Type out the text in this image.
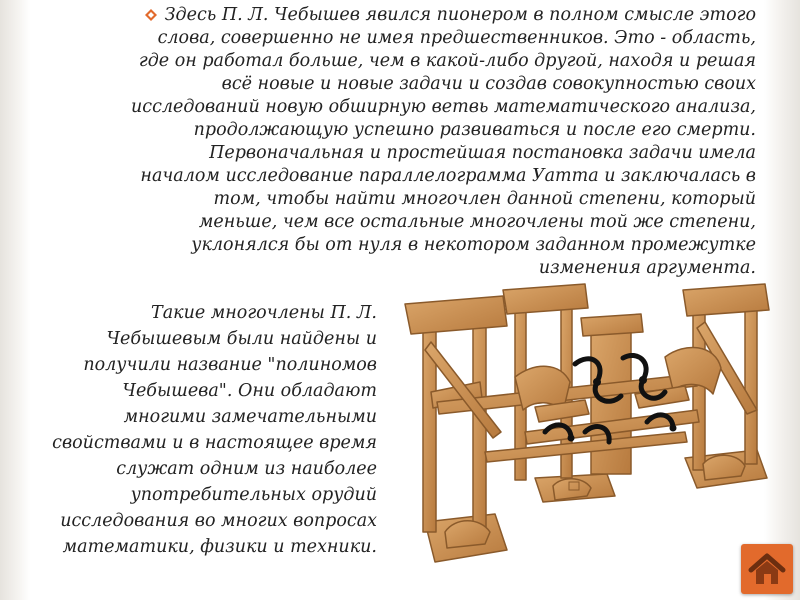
Здесь П. Л. Чебышев явился пионером в полном смысле этого

слова, совершенно не имея предшественников. Это - область,

где он работал больше, чем в какой-либо другой, находя и решая

всё новые и новые задачи и создав совокупностью своих

исследований новую обширную ветвь математического анализа,

продолжающую успешно развиваться и после его смерти.

Первоначальная и простейшая постановка задачи имела

началом исследование параллелограмма Уатта и заключалась в

том, чтобы найти многочлен данной степени, который

меньше, чем все остальные многочлены той же степени,

уклонялся бы от нуля в некотором заданном промежутке

изменения аргумента.

Такие многочлены П. Л.
Чебышевым были найдены и
получили название "полиномов
Чебышева". Они обладают
многими замечательными
свойствами и в настоящее время
служат одним из наиболее
употребительных орудий
исследования во многих вопросах
математики, физики и техники.
